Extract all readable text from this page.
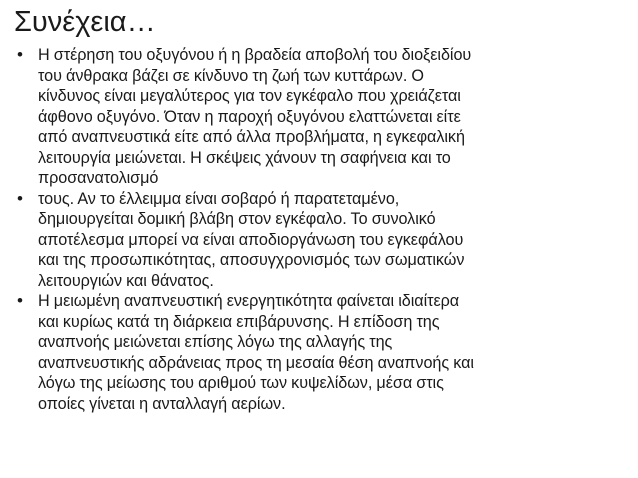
Συνέχεια…
• Η στέρηση του οξυγόνου ή η βραδεία αποβολή του διοξειδίου
του άνθρακα βάζει σε κίνδυνο τη ζωή των κυττάρων. Ο
κίνδυνος είναι μεγαλύτερος για τον εγκέφαλο που χρειάζεται
άφθονο οξυγόνο. Όταν η παροχή οξυγόνου ελαττώνεται είτε
από αναπνευστικά είτε από άλλα προβλήματα, η εγκεφαλική
λειτουργία μειώνεται. Η σκέψεις χάνουν τη σαφήνεια και το
προσανατολισμό
• τους. Αν το έλλειμμα είναι σοβαρό ή παρατεταμένο,
δημιουργείται δομική βλάβη στον εγκέφαλο. Το συνολικό
αποτέλεσμα μπορεί να είναι αποδιοργάνωση του εγκεφάλου
και της προσωπικότητας, αποσυγχρονισμός των σωματικών
λειτουργιών και θάνατος.
• Η μειωμένη αναπνευστική ενεργητικότητα φαίνεται ιδιαίτερα
και κυρίως κατά τη διάρκεια επιβάρυνσης. Η επίδοση της
αναπνοής μειώνεται επίσης λόγω της αλλαγής της
αναπνευστικής αδράνειας προς τη μεσαία θέση αναπνοής και
λόγω της μείωσης του αριθμού των κυψελίδων, μέσα στις
οποίες γίνεται η ανταλλαγή αερίων.
